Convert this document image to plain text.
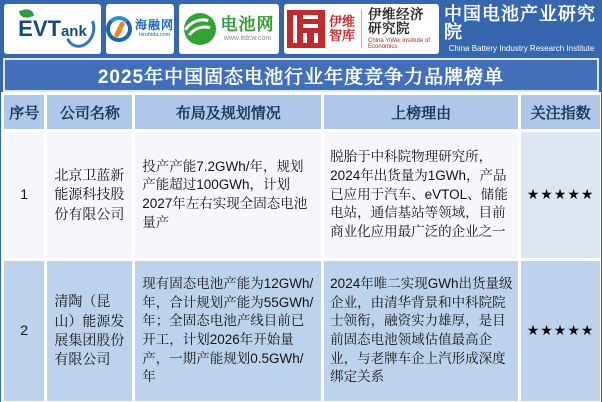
EVT ank	海融网
hirohida.com
电池网
www.itdcw.com
伊维
智库
伊维经济研究院
China YiWei Institute of Economics
中国电池产业研究院
China Battery Industry Research Institute
2025年中国固态电池行业年度竞争力品牌榜单
序号	公司名称	布局及规划情况	上榜理由	关注指数
1	北京卫蓝新能源科技股份有限公司	投产产能7.2GWh/年，规划产能超过100GWh，计划2027年左右实现全固态电池量产	脱胎于中科院物理研究所，2024年出货量为1GWh，产品已应用于汽车、eVTOL、储能电站，通信基站等领域，目前商业化应用最广泛的企业之一	★★★★★
2	清陶（昆山）能源发展集团股份有限公司	现有固态电池产能为12GWh/年，合计规划产能为55GWh/年；全固态电池产线目前已开工，计划2026年开始量产，一期产能规划0.5GWh/年	2024年唯二实现GWh出货量级企业，由清华背景和中科院院士领衔，融资实力雄厚，是目前固态电池领域估值最高企业，与老牌车企上汽形成深度绑定关系	★★★★★
